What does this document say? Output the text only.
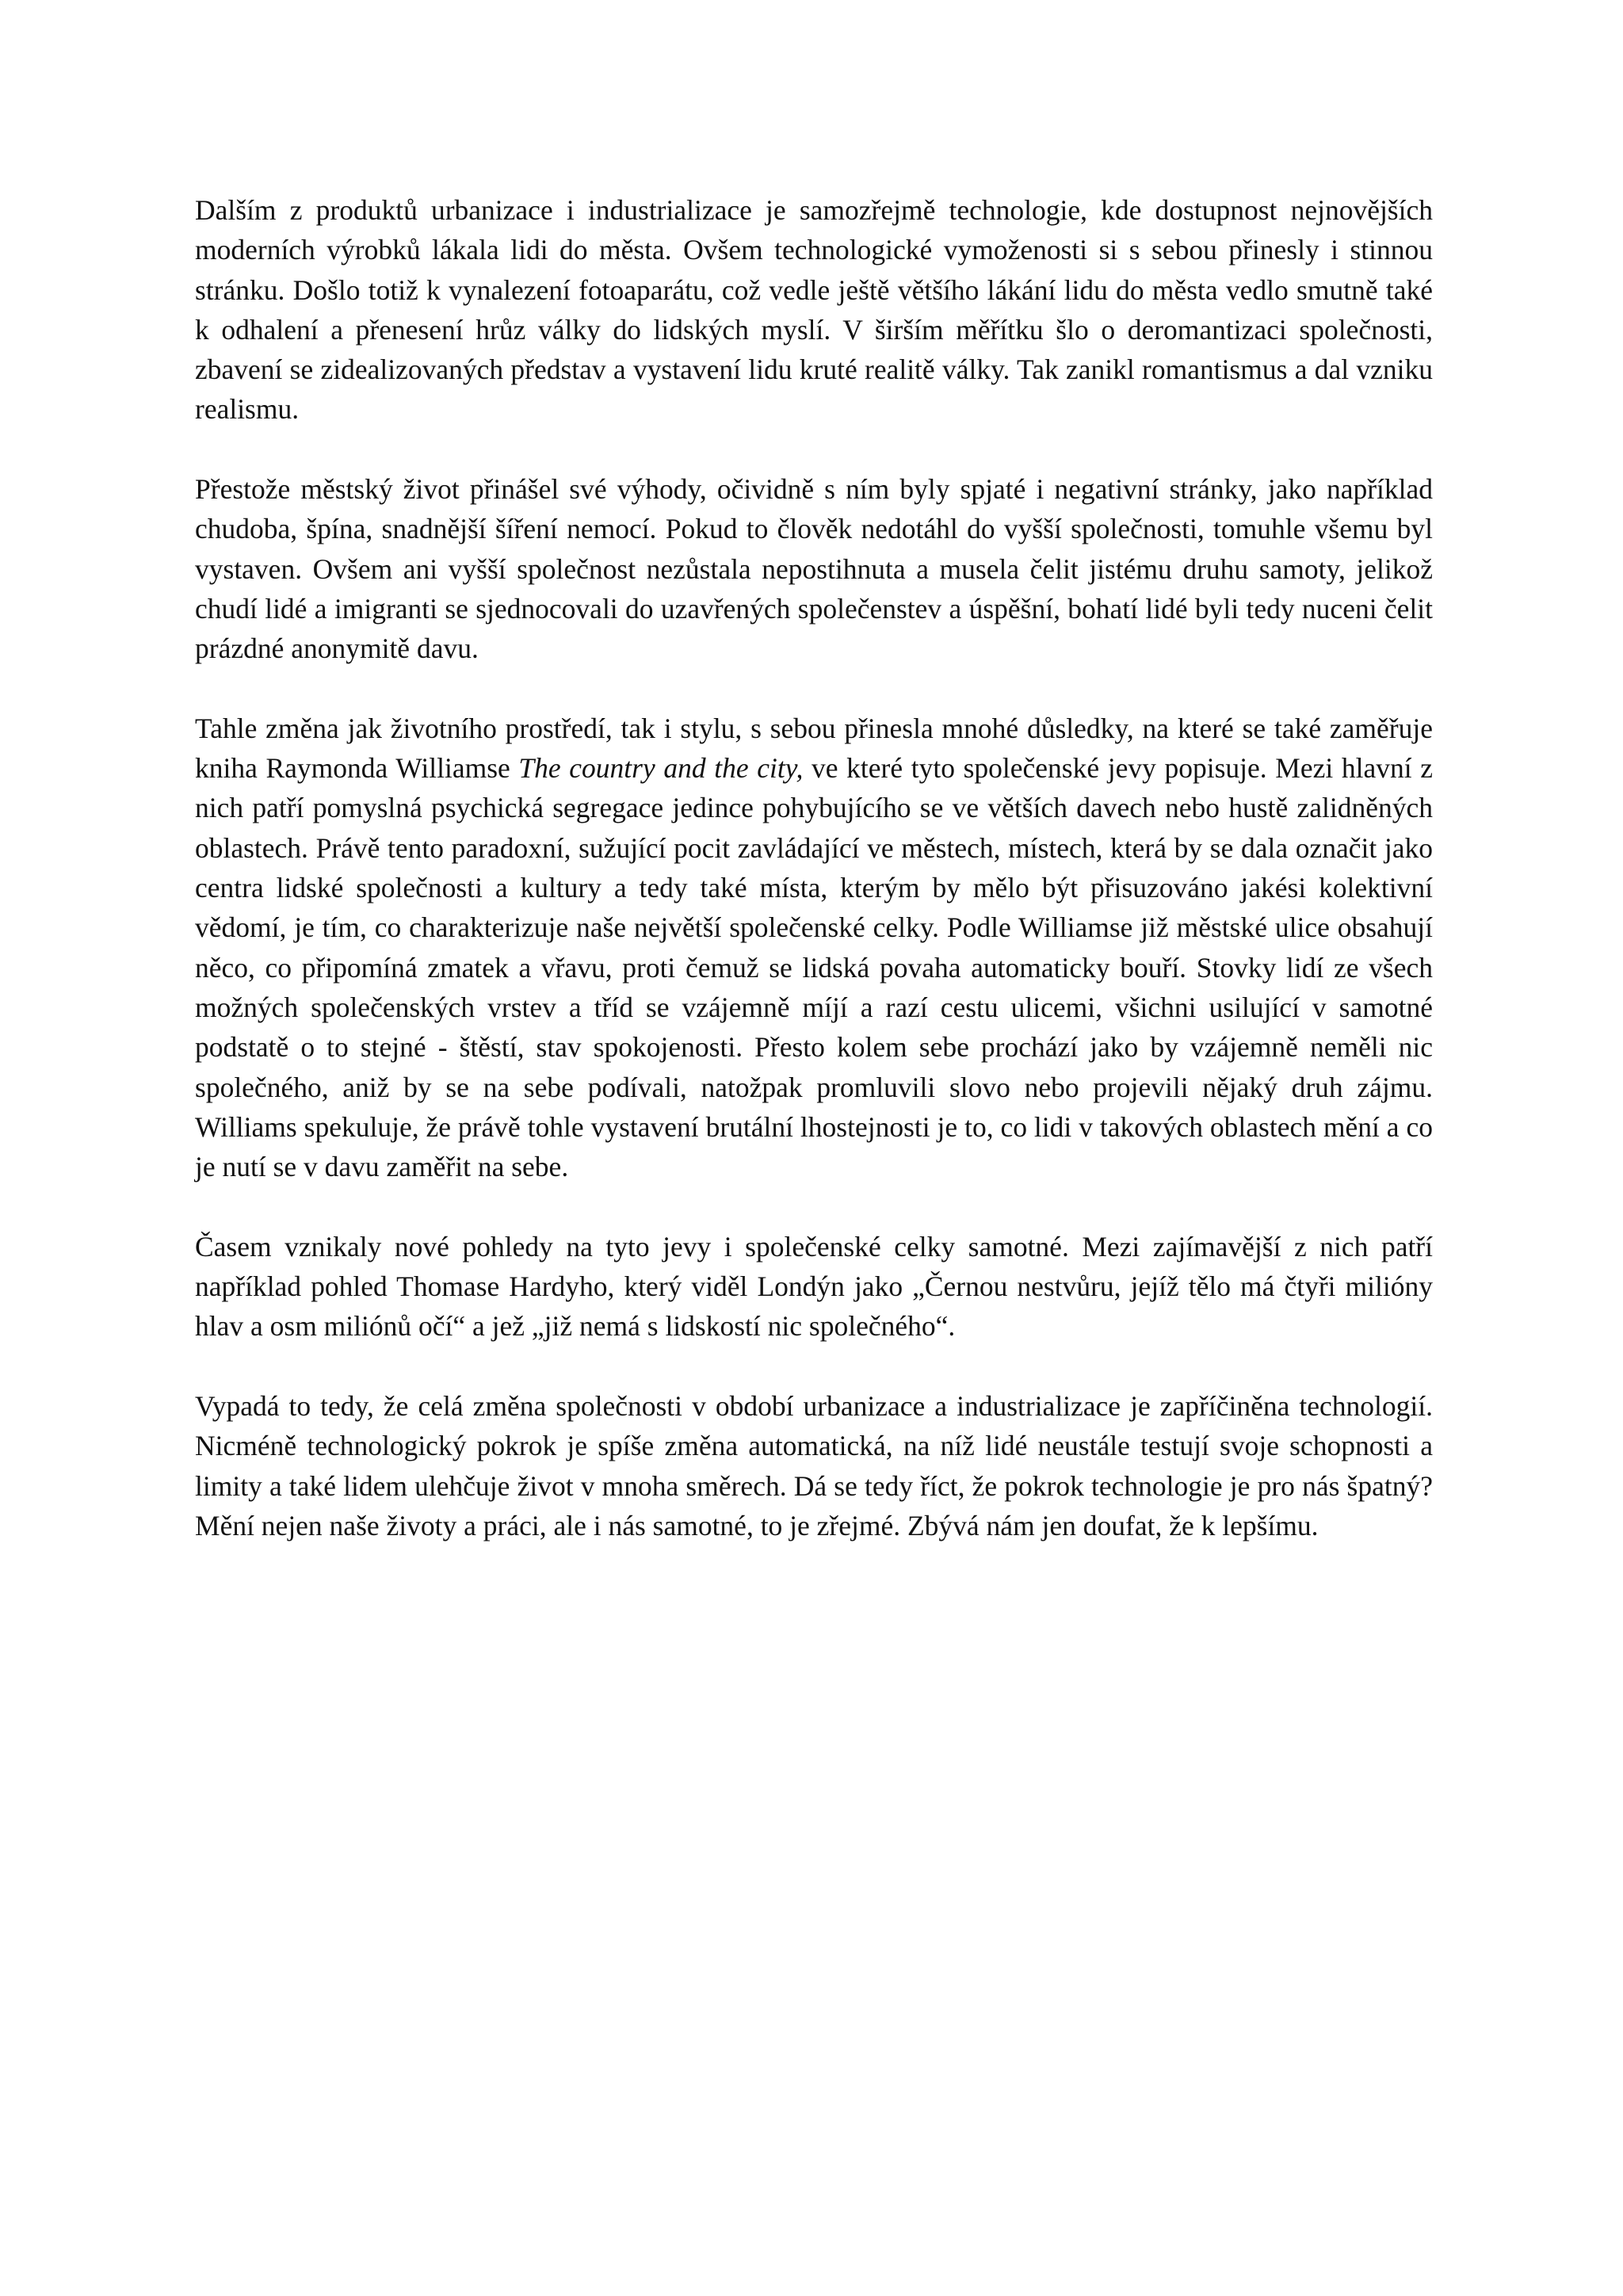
Dalším z produktů urbanizace i industrializace je samozřejmě technologie, kde dostupnost nejnovějších moderních výrobků lákala lidi do města. Ovšem technologické vymoženosti si s sebou přinesly i stinnou stránku. Došlo totiž k vynalezení fotoaparátu, což vedle ještě většího lákání lidu do města vedlo smutně také k odhalení a přenesení hrůz války do lidských myslí. V širším měřítku šlo o deromantizaci společnosti, zbavení se zidealizovaných představ a vystavení lidu kruté realitě války. Tak zanikl romantismus a dal vzniku realismu.

Přestože městský život přinášel své výhody, očividně s ním byly spjaté i negativní stránky, jako například chudoba, špína, snadnější šíření nemocí. Pokud to člověk nedotáhl do vyšší společnosti, tomuhle všemu byl vystaven. Ovšem ani vyšší společnost nezůstala nepostihnuta a musela čelit jistému druhu samoty, jelikož chudí lidé a imigranti se sjednocovali do uzavřených společenstev a úspěšní, bohatí lidé byli tedy nuceni čelit prázdné anonymitě davu.

Tahle změna jak životního prostředí, tak i stylu, s sebou přinesla mnohé důsledky, na které se také zaměřuje kniha Raymonda Williamse The country and the city, ve které tyto společenské jevy popisuje. Mezi hlavní z nich patří pomyslná psychická segregace jedince pohybujícího se ve větších davech nebo hustě zalidněných oblastech. Právě tento paradoxní, sužující pocit zavládající ve městech, místech, která by se dala označit jako centra lidské společnosti a kultury a tedy také místa, kterým by mělo být přisuzováno jakési kolektivní vědomí, je tím, co charakterizuje naše největší společenské celky. Podle Williamse již městské ulice obsahují něco, co připomíná zmatek a vřavu, proti čemuž se lidská povaha automaticky bouří. Stovky lidí ze všech možných společenských vrstev a tříd se vzájemně míjí a razí cestu ulicemi, všichni usilující v samotné podstatě o to stejné - štěstí, stav spokojenosti. Přesto kolem sebe prochází jako by vzájemně neměli nic společného, aniž by se na sebe podívali, natožpak promluvili slovo nebo projevili nějaký druh zájmu. Williams spekuluje, že právě tohle vystavení brutální lhostejnosti je to, co lidi v takových oblastech mění a co je nutí se v davu zaměřit na sebe.

Časem vznikaly nové pohledy na tyto jevy i společenské celky samotné. Mezi zajímavější z nich patří například pohled Thomase Hardyho, který viděl Londýn jako „Černou nestvůru, jejíž tělo má čtyři milióny hlav a osm miliónů očí“ a jež „již nemá s lidskostí nic společného“.

Vypadá to tedy, že celá změna společnosti v období urbanizace a industrializace je zapříčiněna technologií. Nicméně technologický pokrok je spíše změna automatická, na níž lidé neustále testují svoje schopnosti a limity a také lidem ulehčuje život v mnoha směrech. Dá se tedy říct, že pokrok technologie je pro nás špatný? Mění nejen naše životy a práci, ale i nás samotné, to je zřejmé. Zbývá nám jen doufat, že k lepšímu.
